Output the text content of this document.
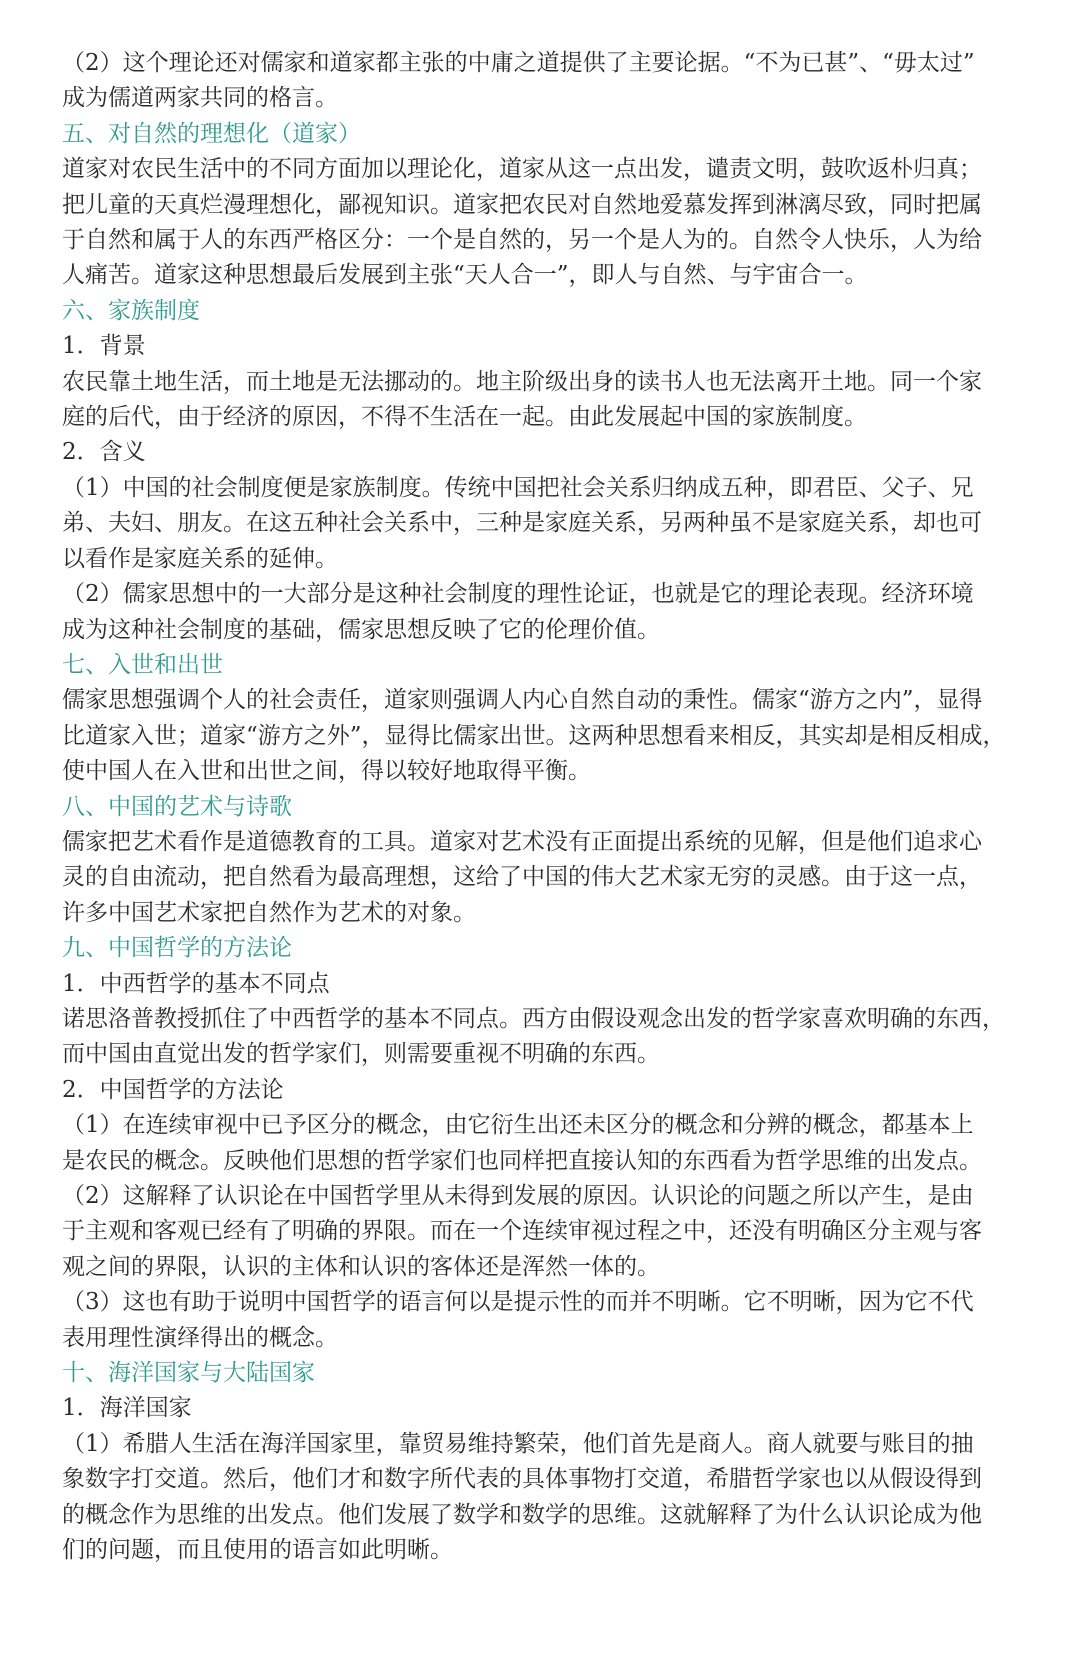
（2）这个理论还对儒家和道家都主张的中庸之道提供了主要论据。“不为已甚”、“毋太过”
成为儒道两家共同的格言。
五、对自然的理想化（道家）
道家对农民生活中的不同方面加以理论化，道家从这一点出发，谴责文明，鼓吹返朴归真；
把儿童的天真烂漫理想化，鄙视知识。道家把农民对自然地爱慕发挥到淋漓尽致，同时把属
于自然和属于人的东西严格区分：一个是自然的，另一个是人为的。自然令人快乐，人为给
人痛苦。道家这种思想最后发展到主张“天人合一”，即人与自然、与宇宙合一。
六、家族制度
1．背景
农民靠土地生活，而土地是无法挪动的。地主阶级出身的读书人也无法离开土地。同一个家
庭的后代，由于经济的原因，不得不生活在一起。由此发展起中国的家族制度。
2．含义
（1）中国的社会制度便是家族制度。传统中国把社会关系归纳成五种，即君臣、父子、兄
弟、夫妇、朋友。在这五种社会关系中，三种是家庭关系，另两种虽不是家庭关系，却也可
以看作是家庭关系的延伸。
（2）儒家思想中的一大部分是这种社会制度的理性论证，也就是它的理论表现。经济环境
成为这种社会制度的基础，儒家思想反映了它的伦理价值。
七、入世和出世
儒家思想强调个人的社会责任，道家则强调人内心自然自动的秉性。儒家“游方之内”，显得
比道家入世；道家“游方之外”，显得比儒家出世。这两种思想看来相反，其实却是相反相成，
使中国人在入世和出世之间，得以较好地取得平衡。
八、中国的艺术与诗歌
儒家把艺术看作是道德教育的工具。道家对艺术没有正面提出系统的见解，但是他们追求心
灵的自由流动，把自然看为最高理想，这给了中国的伟大艺术家无穷的灵感。由于这一点，
许多中国艺术家把自然作为艺术的对象。
九、中国哲学的方法论
1．中西哲学的基本不同点
诺思洛普教授抓住了中西哲学的基本不同点。西方由假设观念出发的哲学家喜欢明确的东西，
而中国由直觉出发的哲学家们，则需要重视不明确的东西。
2．中国哲学的方法论
（1）在连续审视中已予区分的概念，由它衍生出还未区分的概念和分辨的概念，都基本上
是农民的概念。反映他们思想的哲学家们也同样把直接认知的东西看为哲学思维的出发点。
（2）这解释了认识论在中国哲学里从未得到发展的原因。认识论的问题之所以产生，是由
于主观和客观已经有了明确的界限。而在一个连续审视过程之中，还没有明确区分主观与客
观之间的界限，认识的主体和认识的客体还是浑然一体的。
（3）这也有助于说明中国哲学的语言何以是提示性的而并不明晰。它不明晰，因为它不代
表用理性演绎得出的概念。
十、海洋国家与大陆国家
1．海洋国家
（1）希腊人生活在海洋国家里，靠贸易维持繁荣，他们首先是商人。商人就要与账目的抽
象数字打交道。然后，他们才和数字所代表的具体事物打交道，希腊哲学家也以从假设得到
的概念作为思维的出发点。他们发展了数学和数学的思维。这就解释了为什么认识论成为他
们的问题，而且使用的语言如此明晰。
